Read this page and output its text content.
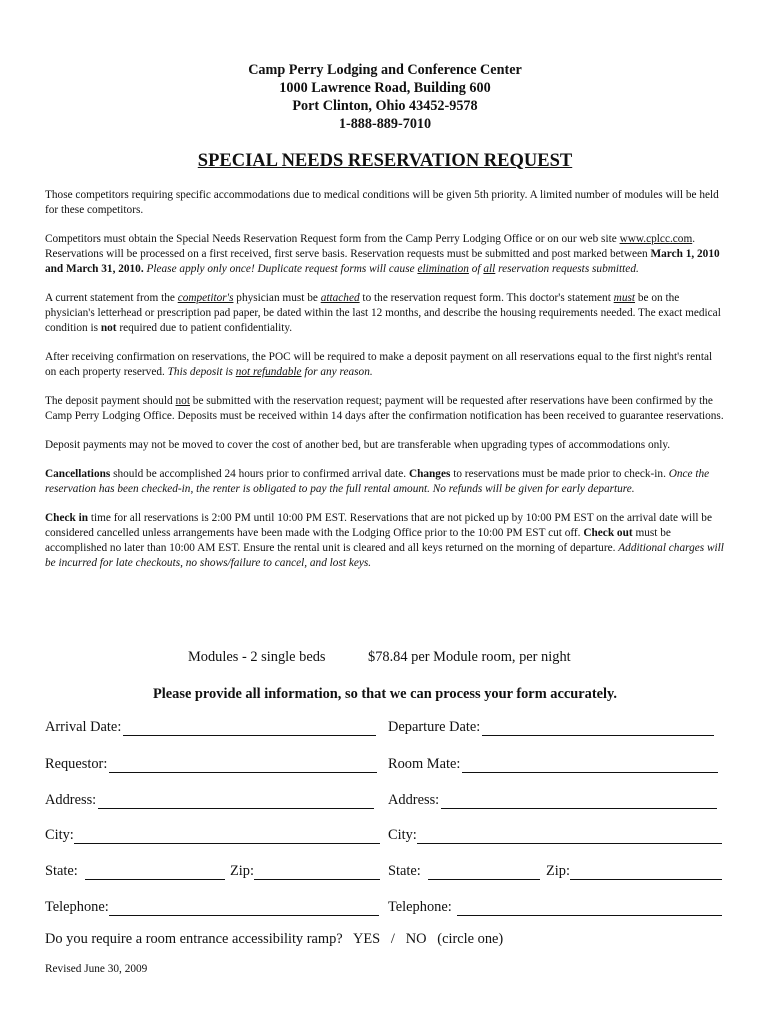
Camp Perry Lodging and Conference Center
1000 Lawrence Road, Building 600
Port Clinton, Ohio 43452-9578
1-888-889-7010
SPECIAL NEEDS RESERVATION REQUEST

Those competitors requiring specific accommodations due to medical conditions will be given 5th priority. A limited number of modules will be held for these competitors.

Competitors must obtain the Special Needs Reservation Request form from the Camp Perry Lodging Office or on our web site www.cplcc.com. Reservations will be processed on a first received, first serve basis. Reservation requests must be submitted and post marked between March 1, 2010 and March 31, 2010. Please apply only once! Duplicate request forms will cause elimination of all reservation requests submitted.

A current statement from the competitor's physician must be attached to the reservation request form. This doctor's statement must be on the physician's letterhead or prescription pad paper, be dated within the last 12 months, and describe the housing requirements needed. The exact medical condition is not required due to patient confidentiality.

After receiving confirmation on reservations, the POC will be required to make a deposit payment on all reservations equal to the first night's rental on each property reserved. This deposit is not refundable for any reason.

The deposit payment should not be submitted with the reservation request; payment will be requested after reservations have been confirmed by the Camp Perry Lodging Office. Deposits must be received within 14 days after the confirmation notification has been received to guarantee reservations.

Deposit payments may not be moved to cover the cost of another bed, but are transferable when upgrading types of accommodations only.

Cancellations should be accomplished 24 hours prior to confirmed arrival date. Changes to reservations must be made prior to check-in. Once the reservation has been checked-in, the renter is obligated to pay the full rental amount. No refunds will be given for early departure.

Check in time for all reservations is 2:00 PM until 10:00 PM EST. Reservations that are not picked up by 10:00 PM EST on the arrival date will be considered cancelled unless arrangements have been made with the Lodging Office prior to the 10:00 PM EST cut off. Check out must be accomplished no later than 10:00 AM EST. Ensure the rental unit is cleared and all keys returned on the morning of departure. Additional charges will be incurred for late checkouts, no shows/failure to cancel, and lost keys.

Modules - 2 single beds	$78.84 per Module room, per night
Please provide all information, so that we can process your form accurately.
Arrival Date:	Departure Date:
Requestor:	Room Mate:
Address:	Address:
City:	City:
State:	Zip:	State:	Zip:
Telephone:	Telephone:
Do you require a room entrance accessibility ramp?   YES   /   NO   (circle one)
Revised June 30, 2009
